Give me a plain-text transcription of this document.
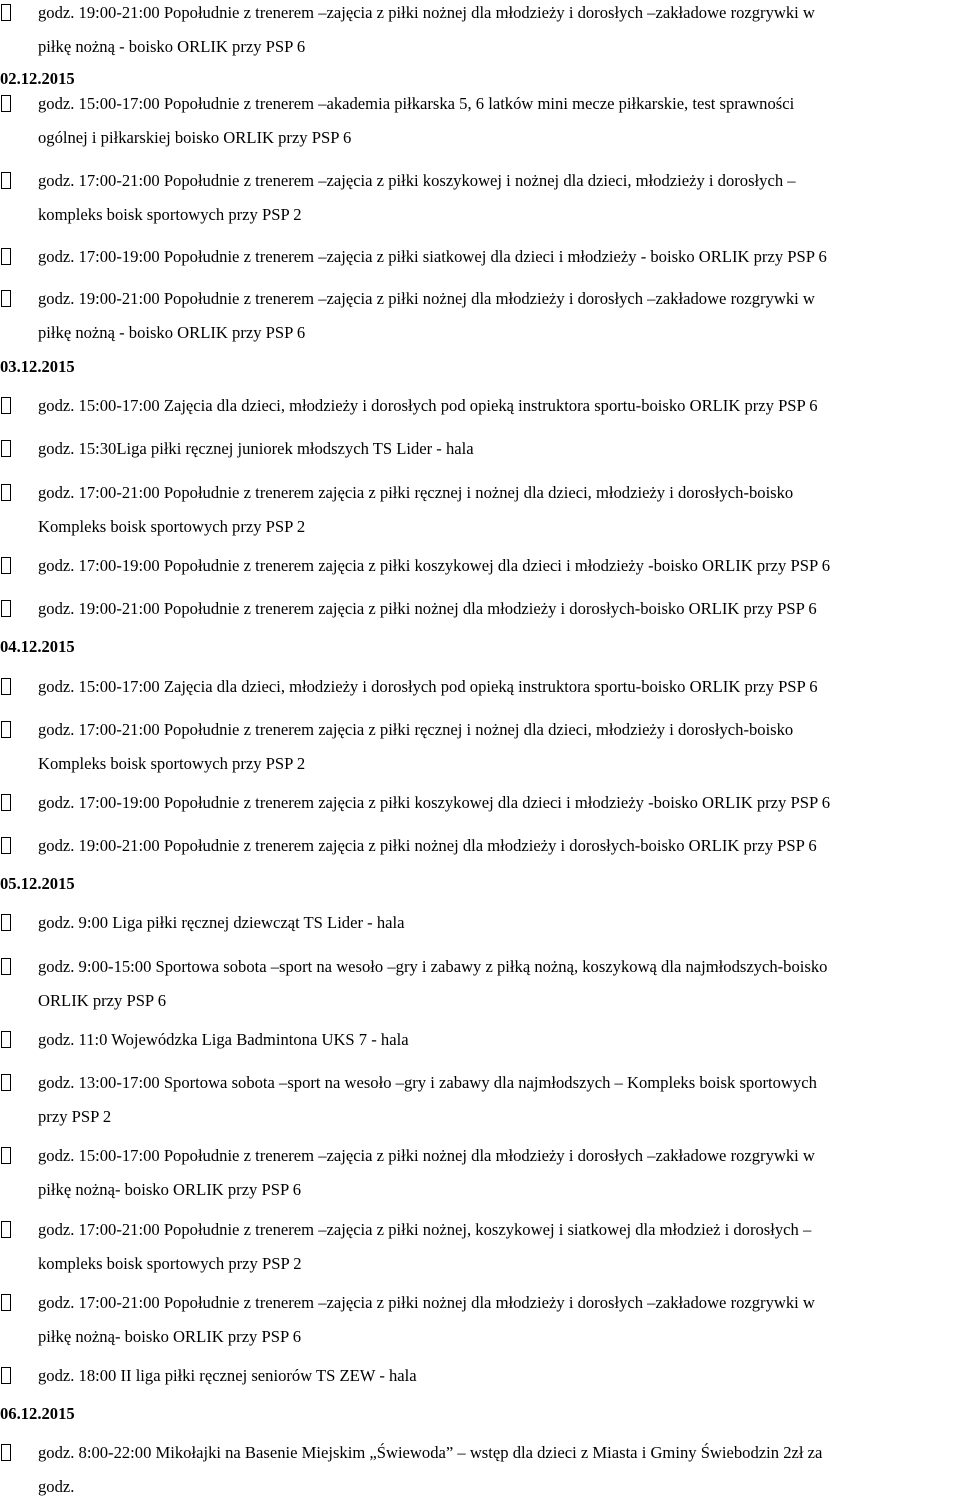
godz. 19:00-21:00 Popołudnie z trenerem –zajęcia z piłki nożnej dla młodzieży i dorosłych –zakładowe rozgrywki w
piłkę nożną - boisko ORLIK przy PSP 6
02.12.2015
godz. 15:00-17:00 Popołudnie z trenerem –akademia piłkarska 5, 6 latków mini mecze piłkarskie, test sprawności
ogólnej i piłkarskiej boisko ORLIK przy PSP 6
godz. 17:00-21:00 Popołudnie z trenerem –zajęcia z piłki koszykowej i nożnej dla dzieci, młodzieży i dorosłych –
kompleks boisk sportowych przy PSP 2
godz. 17:00-19:00 Popołudnie z trenerem –zajęcia z piłki siatkowej dla dzieci i młodzieży - boisko ORLIK przy PSP 6
godz. 19:00-21:00 Popołudnie z trenerem –zajęcia z piłki nożnej dla młodzieży i dorosłych –zakładowe rozgrywki w
piłkę nożną - boisko ORLIK przy PSP 6
03.12.2015
godz. 15:00-17:00 Zajęcia dla dzieci, młodzieży i dorosłych pod opieką instruktora sportu-boisko ORLIK przy PSP 6
godz. 15:30Liga piłki ręcznej juniorek młodszych TS Lider - hala
godz. 17:00-21:00 Popołudnie z trenerem zajęcia z piłki ręcznej i nożnej dla dzieci, młodzieży i dorosłych-boisko
Kompleks boisk sportowych przy PSP 2
godz. 17:00-19:00 Popołudnie z trenerem zajęcia z piłki koszykowej dla dzieci i młodzieży -boisko ORLIK przy PSP 6
godz. 19:00-21:00 Popołudnie z trenerem zajęcia z piłki nożnej dla młodzieży i dorosłych-boisko ORLIK przy PSP 6
04.12.2015
godz. 15:00-17:00 Zajęcia dla dzieci, młodzieży i dorosłych pod opieką instruktora sportu-boisko ORLIK przy PSP 6
godz. 17:00-21:00 Popołudnie z trenerem zajęcia z piłki ręcznej i nożnej dla dzieci, młodzieży i dorosłych-boisko
Kompleks boisk sportowych przy PSP 2
godz. 17:00-19:00 Popołudnie z trenerem zajęcia z piłki koszykowej dla dzieci i młodzieży -boisko ORLIK przy PSP 6
godz. 19:00-21:00 Popołudnie z trenerem zajęcia z piłki nożnej dla młodzieży i dorosłych-boisko ORLIK przy PSP 6
05.12.2015
godz. 9:00 Liga piłki ręcznej dziewcząt TS Lider - hala
godz. 9:00-15:00 Sportowa sobota –sport na wesoło –gry i zabawy z piłką nożną, koszykową dla najmłodszych-boisko
ORLIK przy PSP 6
godz. 11:0 Wojewódzka Liga Badmintona UKS 7 - hala
godz. 13:00-17:00 Sportowa sobota –sport na wesoło –gry i zabawy dla najmłodszych – Kompleks boisk sportowych
przy PSP 2
godz. 15:00-17:00 Popołudnie z trenerem –zajęcia z piłki nożnej dla młodzieży i dorosłych –zakładowe rozgrywki w
piłkę nożną- boisko ORLIK przy PSP 6
godz. 17:00-21:00 Popołudnie z trenerem –zajęcia z piłki nożnej, koszykowej i siatkowej dla młodzież i dorosłych –
kompleks boisk sportowych przy PSP 2
godz. 17:00-21:00 Popołudnie z trenerem –zajęcia z piłki nożnej dla młodzieży i dorosłych –zakładowe rozgrywki w
piłkę nożną- boisko ORLIK przy PSP 6
godz. 18:00 II liga piłki ręcznej seniorów TS ZEW - hala
06.12.2015
godz. 8:00-22:00 Mikołajki na Basenie Miejskim „Świewoda” – wstęp dla dzieci z Miasta i Gminy Świebodzin 2zł za
godz.
